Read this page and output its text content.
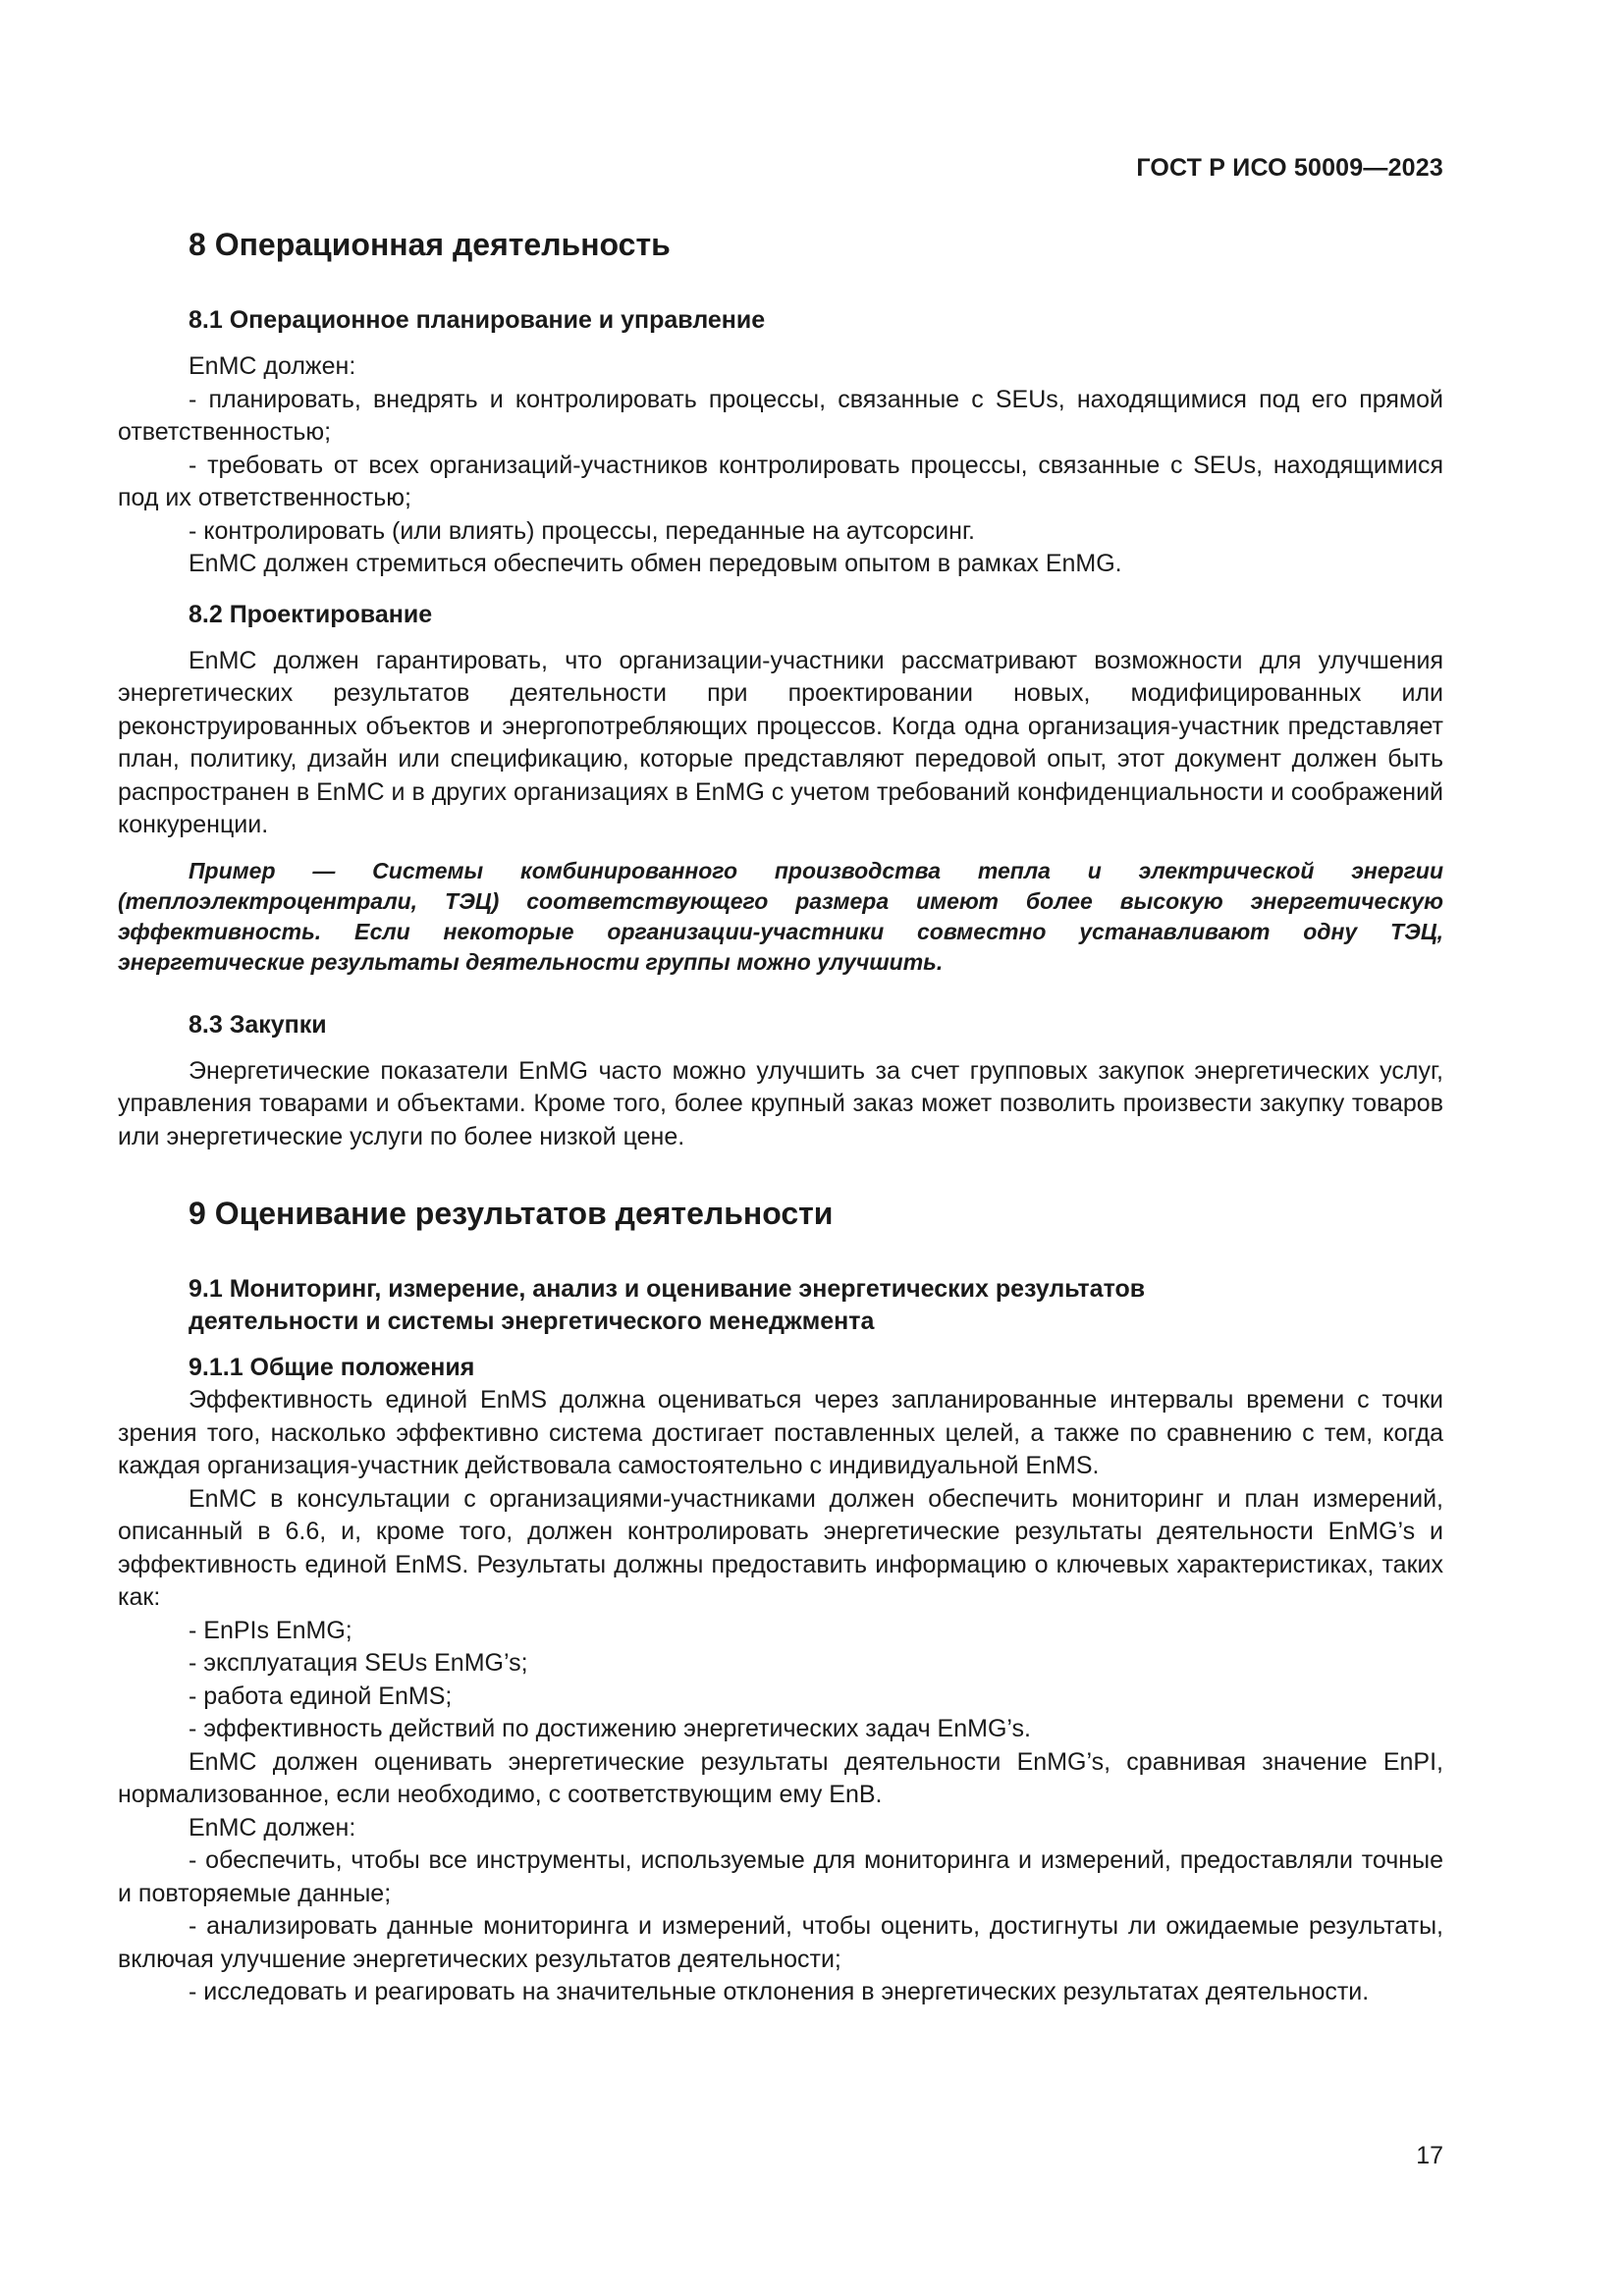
ГОСТ Р ИСО 50009—2023
8 Операционная деятельность
8.1 Операционное планирование и управление

EnMC должен:

- планировать, внедрять и контролировать процессы, связанные с SEUs, находящимися под его прямой ответственностью;

- требовать от всех организаций-участников контролировать процессы, связанные с SEUs, находящимися под их ответственностью;

- контролировать (или влиять) процессы, переданные на аутсорсинг.

EnMC должен стремиться обеспечить обмен передовым опытом в рамках EnMG.

8.2 Проектирование

EnMC должен гарантировать, что организации-участники рассматривают возможности для улучшения энергетических результатов деятельности при проектировании новых, модифицированных или реконструированных объектов и энергопотребляющих процессов. Когда одна организация-участник представляет план, политику, дизайн или спецификацию, которые представляют передовой опыт, этот документ должен быть распространен в EnMC и в других организациях в EnMG с учетом требований конфиденциальности и соображений конкуренции.

Пример — Системы комбинированного производства тепла и электрической энергии (теплоэлектроцентрали, ТЭЦ) соответствующего размера имеют более высокую энергетическую эффективность. Если некоторые организации-участники совместно устанавливают одну ТЭЦ, энергетические результаты деятельности группы можно улучшить.

8.3 Закупки

Энергетические показатели EnMG часто можно улучшить за счет групповых закупок энергетических услуг, управления товарами и объектами. Кроме того, более крупный заказ может позволить произвести закупку товаров или энергетические услуги по более низкой цене.

9 Оценивание результатов деятельности
9.1 Мониторинг, измерение, анализ и оценивание энергетических результатов
деятельности и системы энергетического менеджмента
9.1.1 Общие положения

Эффективность единой EnMS должна оцениваться через запланированные интервалы времени с точки зрения того, насколько эффективно система достигает поставленных целей, а также по сравнению с тем, когда каждая организация-участник действовала самостоятельно с индивидуальной EnMS.

EnMC в консультации с организациями-участниками должен обеспечить мониторинг и план измерений, описанный в 6.6, и, кроме того, должен контролировать энергетические результаты деятельности EnMG’s и эффективность единой EnMS. Результаты должны предоставить информацию о ключевых характеристиках, таких как:

- EnPIs EnMG;

- эксплуатация SEUs EnMG’s;

- работа единой EnMS;

- эффективность действий по достижению энергетических задач EnMG’s.

EnMC должен оценивать энергетические результаты деятельности EnMG’s, сравнивая значение EnPI, нормализованное, если необходимо, с соответствующим ему EnB.

EnMC должен:

- обеспечить, чтобы все инструменты, используемые для мониторинга и измерений, предоставляли точные и повторяемые данные;

- анализировать данные мониторинга и измерений, чтобы оценить, достигнуты ли ожидаемые результаты, включая улучшение энергетических результатов деятельности;

- исследовать и реагировать на значительные отклонения в энергетических результатах деятельности.

17
